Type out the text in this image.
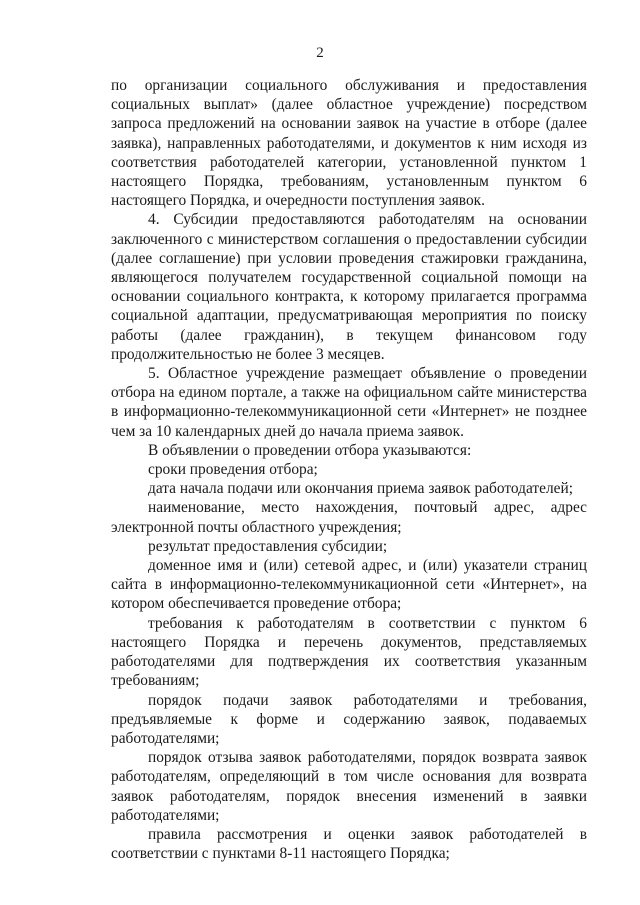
2

по организации социального обслуживания и предоставления социальных выплат» (далее областное учреждение) посредством запроса предложений на основании заявок на участие в отборе (далее заявка), направленных работодателями, и документов к ним исходя из соответствия работодателей категории, установленной пунктом 1 настоящего Порядка, требованиям, установленным пунктом 6 настоящего Порядка, и очередности поступления заявок.

4. Субсидии предоставляются работодателям на основании заключенного с министерством соглашения о предоставлении субсидии (далее соглашение) при условии проведения стажировки гражданина, являющегося получателем государственной социальной помощи на основании социального контракта, к которому прилагается программа социальной адаптации, предусматривающая мероприятия по поиску работы (далее гражданин), в текущем финансовом году продолжительностью не более 3 месяцев.

5. Областное учреждение размещает объявление о проведении отбора на едином портале, а также на официальном сайте министерства в информационно-телекоммуникационной сети «Интернет» не позднее чем за 10 календарных дней до начала приема заявок.

В объявлении о проведении отбора указываются:

сроки проведения отбора;

дата начала подачи или окончания приема заявок работодателей;

наименование, место нахождения, почтовый адрес, адрес электронной почты областного учреждения;

результат предоставления субсидии;

доменное имя и (или) сетевой адрес, и (или) указатели страниц сайта в информационно-телекоммуникационной сети «Интернет», на котором обеспечивается проведение отбора;

требования к работодателям в соответствии с пунктом 6 настоящего Порядка и перечень документов, представляемых работодателями для подтверждения их соответствия указанным требованиям;

порядок подачи заявок работодателями и требования, предъявляемые к форме и содержанию заявок, подаваемых работодателями;

порядок отзыва заявок работодателями, порядок возврата заявок работодателям, определяющий в том числе основания для возврата заявок работодателям, порядок внесения изменений в заявки работодателями;

правила рассмотрения и оценки заявок работодателей в соответствии с пунктами 8-11 настоящего Порядка;
